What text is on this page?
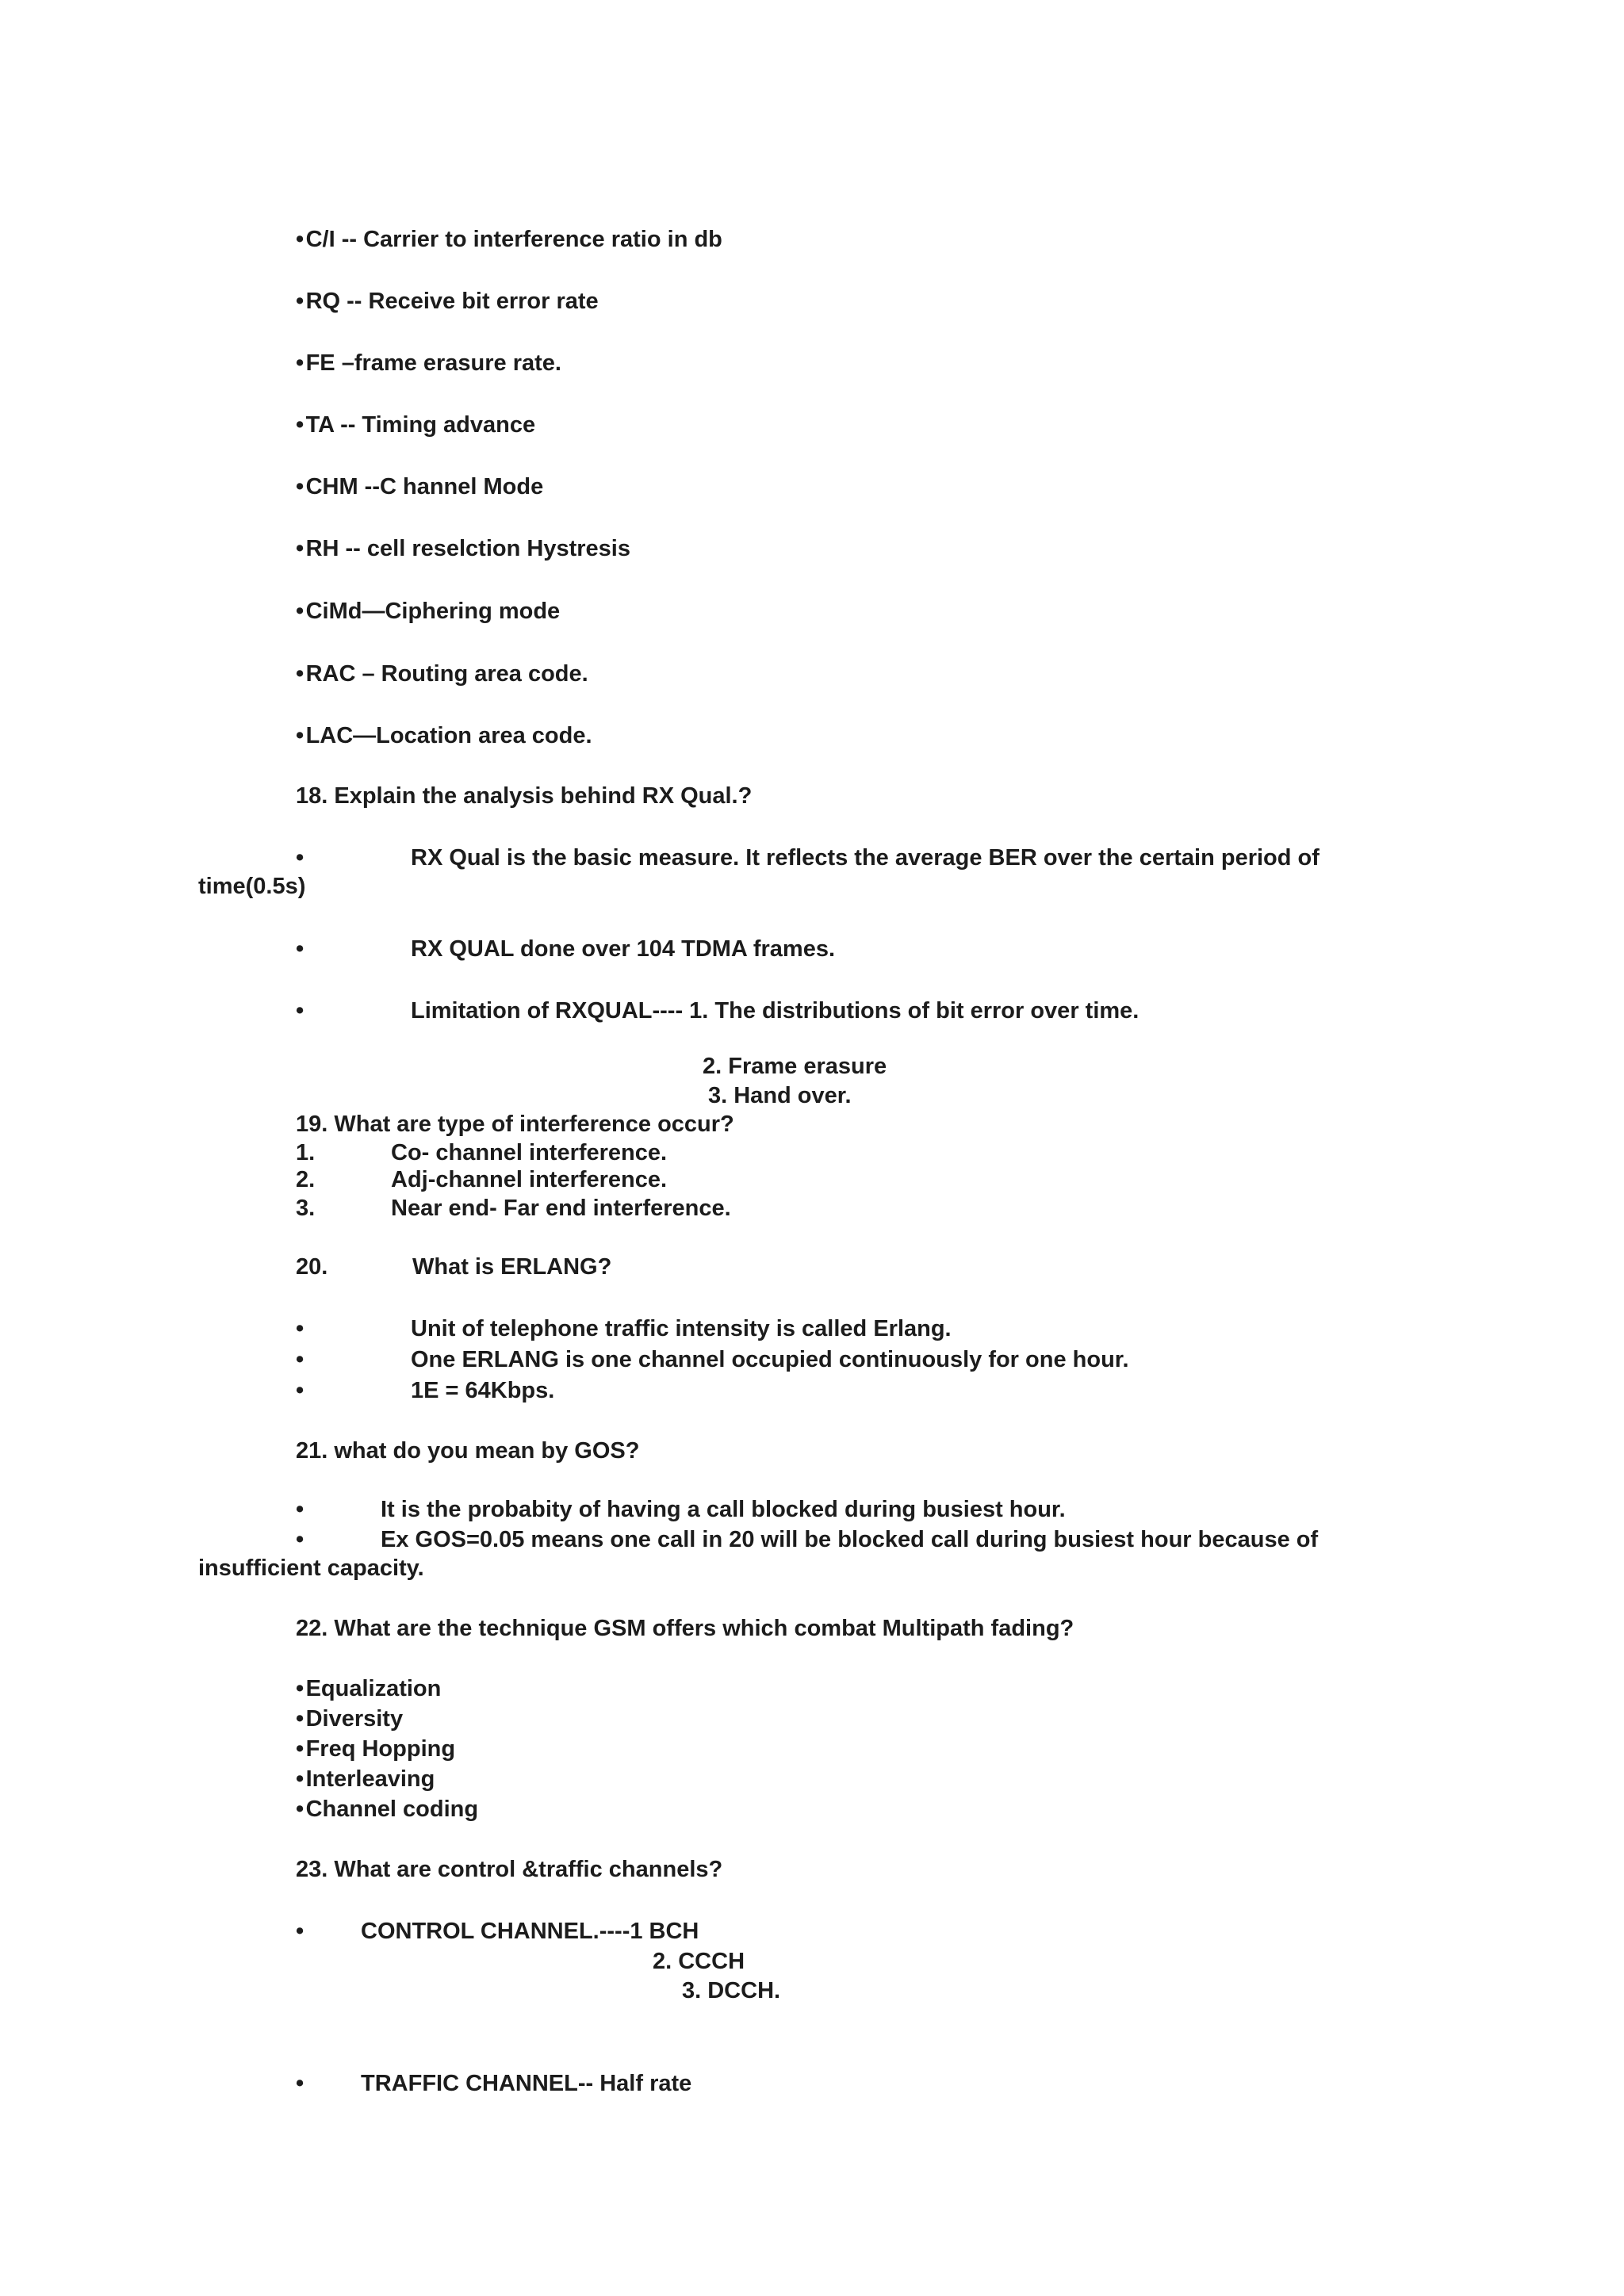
• C/I -- Carrier to interference ratio in db
• RQ -- Receive bit error rate
• FE –frame erasure rate.
• TA -- Timing advance
• CHM --C hannel Mode
• RH -- cell reselction Hystresis
• CiMd—Ciphering mode
• RAC – Routing area code.
• LAC—Location area code.
18. Explain the analysis behind RX Qual.?
•	RX Qual is the basic measure. It reflects the average BER over the certain period of
time(0.5s)
•	RX QUAL done over 104 TDMA frames.
•	Limitation of RXQUAL---- 1. The distributions of bit error over time.
2. Frame erasure
3. Hand over.
19. What are type of interference occur?
1.	Co- channel interference.
2.	Adj-channel interference.
3.	Near end- Far end interference.
20.	What is ERLANG?
•	Unit of telephone traffic intensity is called Erlang.
•	One ERLANG is one channel occupied continuously for one hour.
•	1E = 64Kbps.
21. what do you mean by GOS?
•	It is the probabity of having a call blocked during busiest hour.
•	Ex GOS=0.05 means one call in 20 will be blocked call during busiest hour because of
insufficient capacity.
22. What are the technique GSM offers which combat Multipath fading?
• Equalization
• Diversity
• Freq Hopping
• Interleaving
• Channel coding
23. What are control &traffic channels?
• CONTROL CHANNEL.----1 BCH
2. CCCH
3. DCCH.
• TRAFFIC CHANNEL-- Half rate
